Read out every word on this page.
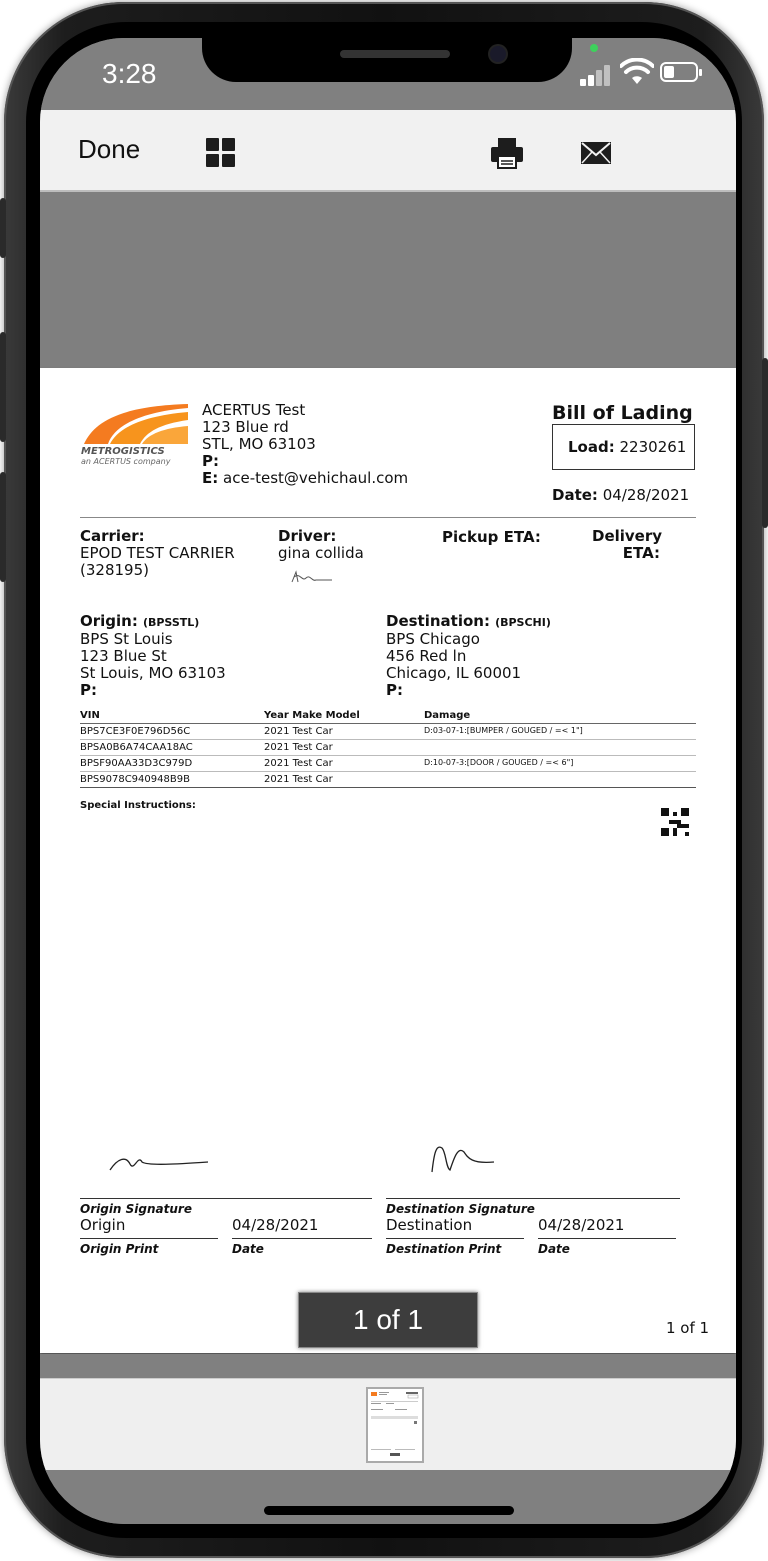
3:28
Done
METROGISTICS
an ACERTUS company
ACERTUS Test
123 Blue rd
STL, MO 63103
P:
E: ace-test@vehichaul.com
Bill of Lading
Load: 2230261
Date: 04/28/2021
Carrier:
EPOD TEST CARRIER
(328195)
Driver:
gina collida
Pickup ETA:	Delivery
ETA:
Origin: (BPSSTL)
BPS St Louis
123 Blue St
St Louis, MO 63103
P:
Destination: (BPSCHI)
BPS Chicago
456 Red ln
Chicago, IL 60001
P:
VIN	Year Make Model	Damage
BPS7CE3F0E796D56C	2021 Test Car	D:03-07-1:[BUMPER / GOUGED / =< 1"]
BPSA0B6A74CAA18AC	2021 Test Car
BPSF90AA33D3C979D	2021 Test Car	D:10-07-3:[DOOR / GOUGED / =< 6"]
BPS9078C940948B9B	2021 Test Car
Special Instructions:
Origin Signature	Destination Signature
Origin	04/28/2021	Destination	04/28/2021
Origin Print	Date	Destination Print	Date
1 of 1
1 of 1
